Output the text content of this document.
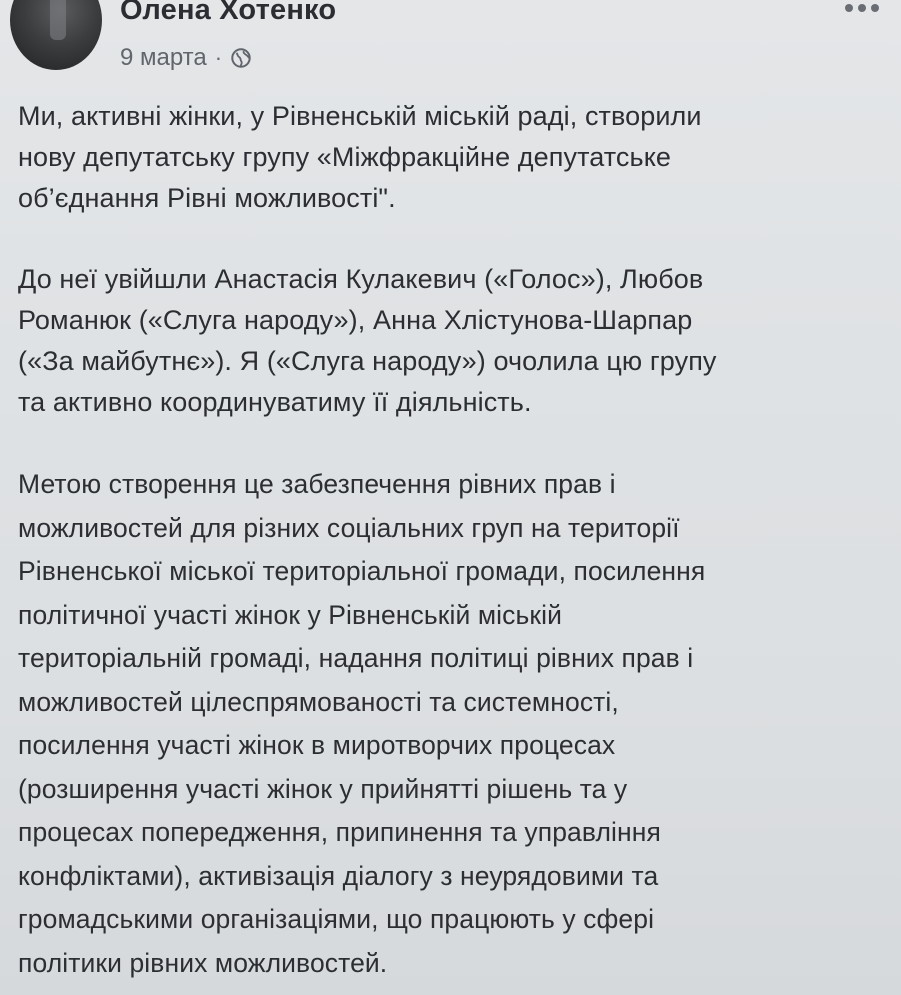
Олена Хотенко
9 марта ·

Ми, активні жінки, у Рівненській міській раді, створили
нову депутатську групу «Міжфракційне депутатське
об’єднання Рівні можливості".

До неї увійшли Анастасія Кулакевич («Голос»), Любов
Романюк («Слуга народу»), Анна Хлістунова-Шарпар
(«За майбутнє»). Я («Слуга народу») очолила цю групу
та активно координуватиму її діяльність.

Метою створення це забезпечення рівних прав і
можливостей для різних соціальних груп на території
Рівненської міської територіальної громади, посилення
політичної участі жінок у Рівненській міській
територіальній громаді, надання політиці рівних прав і
можливостей цілеспрямованості та системності,
посилення участі жінок в миротворчих процесах
(розширення участі жінок у прийнятті рішень та у
процесах попередження, припинення та управління
конфліктами), активізація діалогу з неурядовими та
громадськими організаціями, що працюють у сфері
політики рівних можливостей.
